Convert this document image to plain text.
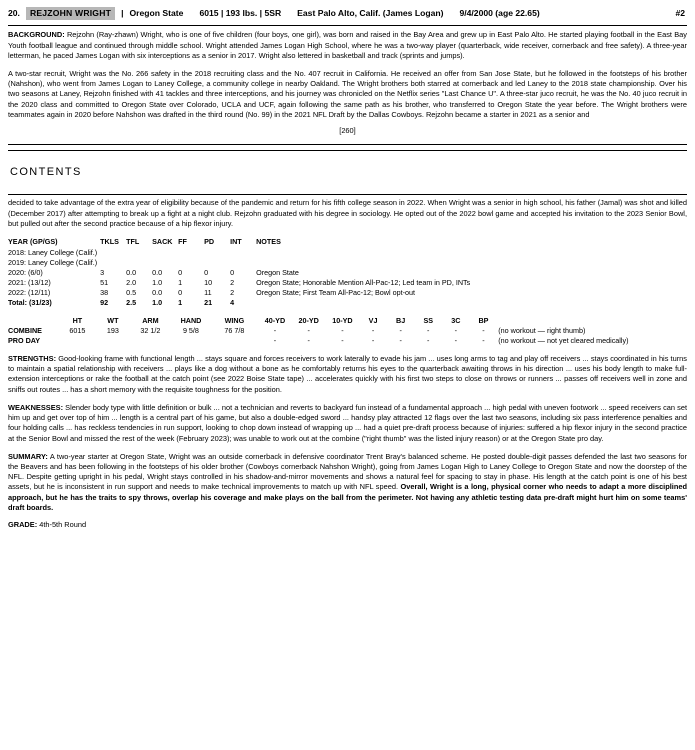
20.	REJZOHN WRIGHT	| Oregon State	6015 | 193 lbs. | 5SR	East Palo Alto, Calif. (James Logan)	9/4/2000 (age 22.65)	#2

BACKGROUND: Rejzohn (Ray-zhawn) Wright, who is one of five children (four boys, one girl), was born and raised in the Bay Area and grew up in East Palo Alto. He started playing football in the East Bay Youth football league and continued through middle school. Wright attended James Logan High School, where he was a two-way player (quarterback, wide receiver, cornerback and free safety). A three-year letterman, he paced James Logan with six interceptions as a senior in 2017. Wright also lettered in basketball and track (sprints and jumps).

A two-star recruit, Wright was the No. 266 safety in the 2018 recruiting class and the No. 407 recruit in California. He received an offer from San Jose State, but he followed in the footsteps of his brother (Nahshon), who went from James Logan to Laney College, a community college in nearby Oakland. The Wright brothers both starred at cornerback and led Laney to the 2018 state championship. Over his two seasons at Laney, Rejzohn finished with 41 tackles and three interceptions, and his journey was chronicled on the Netflix series "Last Chance U". A three-star juco recruit, he was the No. 40 juco recruit in the 2020 class and committed to Oregon State over Colorado, UCLA and UCF, again following the same path as his brother, who transferred to Oregon State the year before. The Wright brothers were teammates again in 2020 before Nahshon was drafted in the third round (No. 99) in the 2021 NFL Draft by the Dallas Cowboys. Rejzohn became a starter in 2021 as a senior and

[260]
CONTENTS

decided to take advantage of the extra year of eligibility because of the pandemic and return for his fifth college season in 2022. When Wright was a senior in high school, his father (Jamal) was shot and killed (December 2017) after attempting to break up a fight at a night club. Rejzohn graduated with his degree in sociology. He opted out of the 2022 bowl game and accepted his invitation to the 2023 Senior Bowl, but pulled out after the second practice because of a hip flexor injury.

YEAR (GP/GS)	TKLS	TFL	SACK	FF	PD	INT	NOTES
2018: Laney College (Calif.)							
2019: Laney College (Calif.)							
2020: (6/0)	3	0.0	0.0	0	0	0	Oregon State
2021: (13/12)	51	2.0	1.0	1	10	2	Oregon State; Honorable Mention All-Pac-12; Led team in PD, INTs
2022: (12/11)	38	0.5	0.0	0	11	2	Oregon State; First Team All-Pac-12; Bowl opt-out
Total: (31/23)	92	2.5	1.0	1	21	4	
	HT	WT	ARM	HAND	WING	40-YD	20-YD	10-YD	VJ	BJ	SS	3C	BP	
COMBINE	6015	193	32 1/2	9 5/8	76 7/8	-	-	-	-	-	-	-	-	(no workout — right thumb)
PRO DAY						-	-	-	-	-	-	-	-	(no workout — not yet cleared medically)

STRENGTHS: Good-looking frame with functional length ... stays square and forces receivers to work laterally to evade his jam ... uses long arms to tag and play off receivers ... stays coordinated in his turns to maintain a spatial relationship with receivers ... plays like a dog without a bone as he comfortably returns his eyes to the quarterback awaiting throws in his direction ... uses his body length to make full-extension interceptions or rake the football at the catch point (see 2022 Boise State tape) ... accelerates quickly with his first two steps to close on throws or runners ... passes off receivers well in zone and sniffs out routes ... has a short memory with the requisite toughness for the position.

WEAKNESSES: Slender body type with little definition or bulk ... not a technician and reverts to backyard fun instead of a fundamental approach ... high pedal with uneven footwork ... speed receivers can set him up and get over top of him ... length is a central part of his game, but also a double-edged sword ... handsy play attracted 12 flags over the last two seasons, including six pass interference penalties and four holding calls ... has reckless tendencies in run support, looking to chop down instead of wrapping up ... had a quiet pre-draft process because of injuries: suffered a hip flexor injury in the second practice at the Senior Bowl and missed the rest of the week (February 2023); was unable to work out at the combine ("right thumb" was the listed injury reason) or at the Oregon State pro day.

SUMMARY: A two-year starter at Oregon State, Wright was an outside cornerback in defensive coordinator Trent Bray's balanced scheme. He posted double-digit passes defended the last two seasons for the Beavers and has been following in the footsteps of his older brother (Cowboys cornerback Nahshon Wright), going from James Logan High to Laney College to Oregon State and now the doorstep of the NFL. Despite getting upright in his pedal, Wright stays controlled in his shadow-and-mirror movements and shows a natural feel for spacing to stay in phase. His length at the catch point is one of his best assets, but he is inconsistent in run support and needs to make technical improvements to match up with NFL speed. Overall, Wright is a long, physical corner who needs to adapt a more disciplined approach, but he has the traits to spy throws, overlap his coverage and make plays on the ball from the perimeter. Not having any athletic testing data pre-draft might hurt him on some teams' draft boards.

GRADE: 4th-5th Round
